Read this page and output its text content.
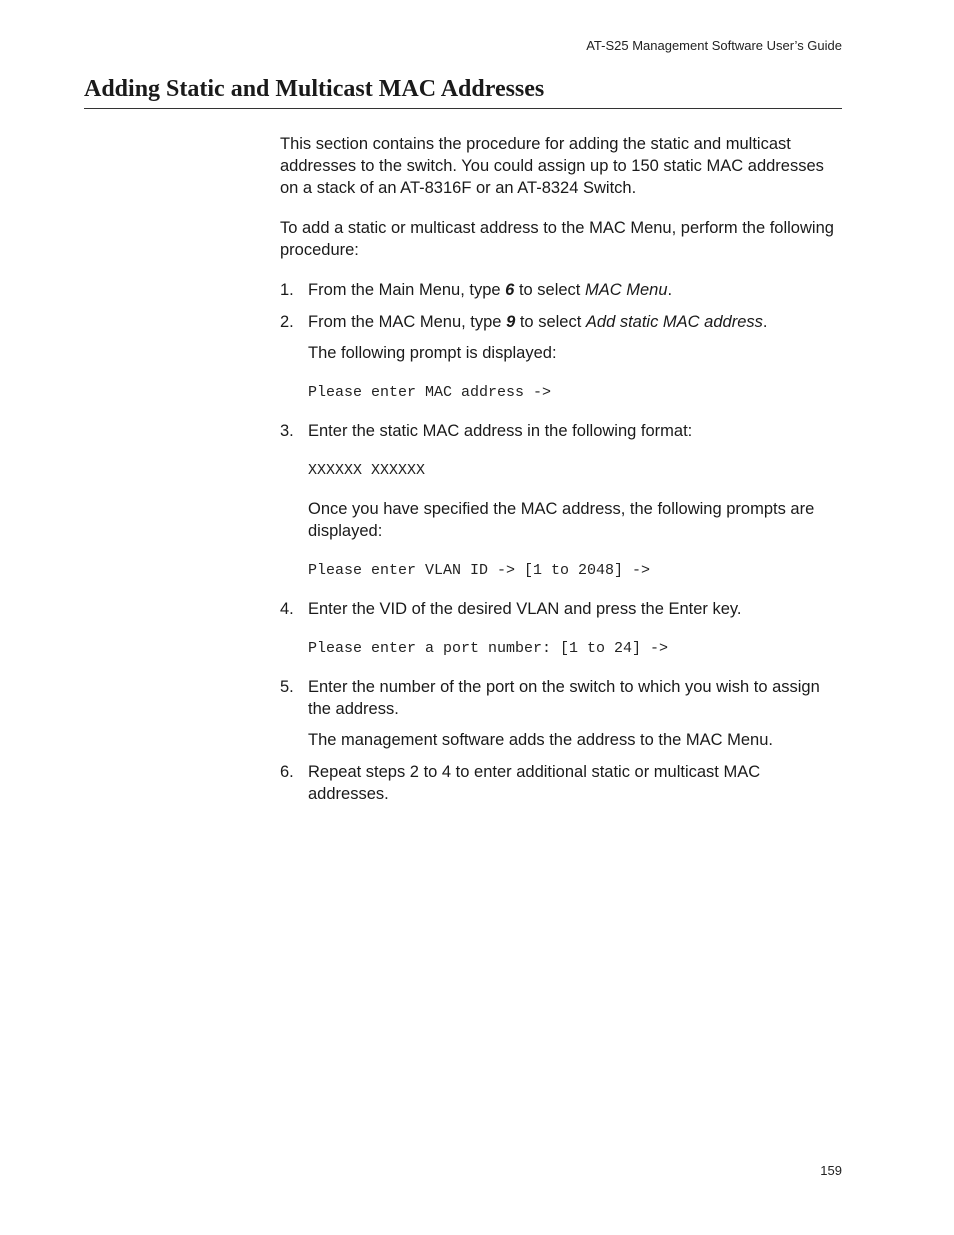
AT-S25 Management Software User’s Guide
Adding Static and Multicast MAC Addresses

This section contains the procedure for adding the static and multicast addresses to the switch. You could assign up to 150 static MAC addresses on a stack of an AT-8316F or an AT-8324 Switch.

To add a static or multicast address to the MAC Menu, perform the following procedure:

1. From the Main Menu, type 6 to select MAC Menu.

2. From the MAC Menu, type 9 to select Add static MAC address.

The following prompt is displayed:

Please enter MAC address ->

3. Enter the static MAC address in the following format:

XXXXXX XXXXXX

Once you have specified the MAC address, the following prompts are displayed:

Please enter VLAN ID -> [1 to 2048] ->

4. Enter the VID of the desired VLAN and press the Enter key.

Please enter a port number: [1 to 24] ->

5. Enter the number of the port on the switch to which you wish to assign the address.

The management software adds the address to the MAC Menu.

6. Repeat steps 2 to 4 to enter additional static or multicast MAC addresses.

159
